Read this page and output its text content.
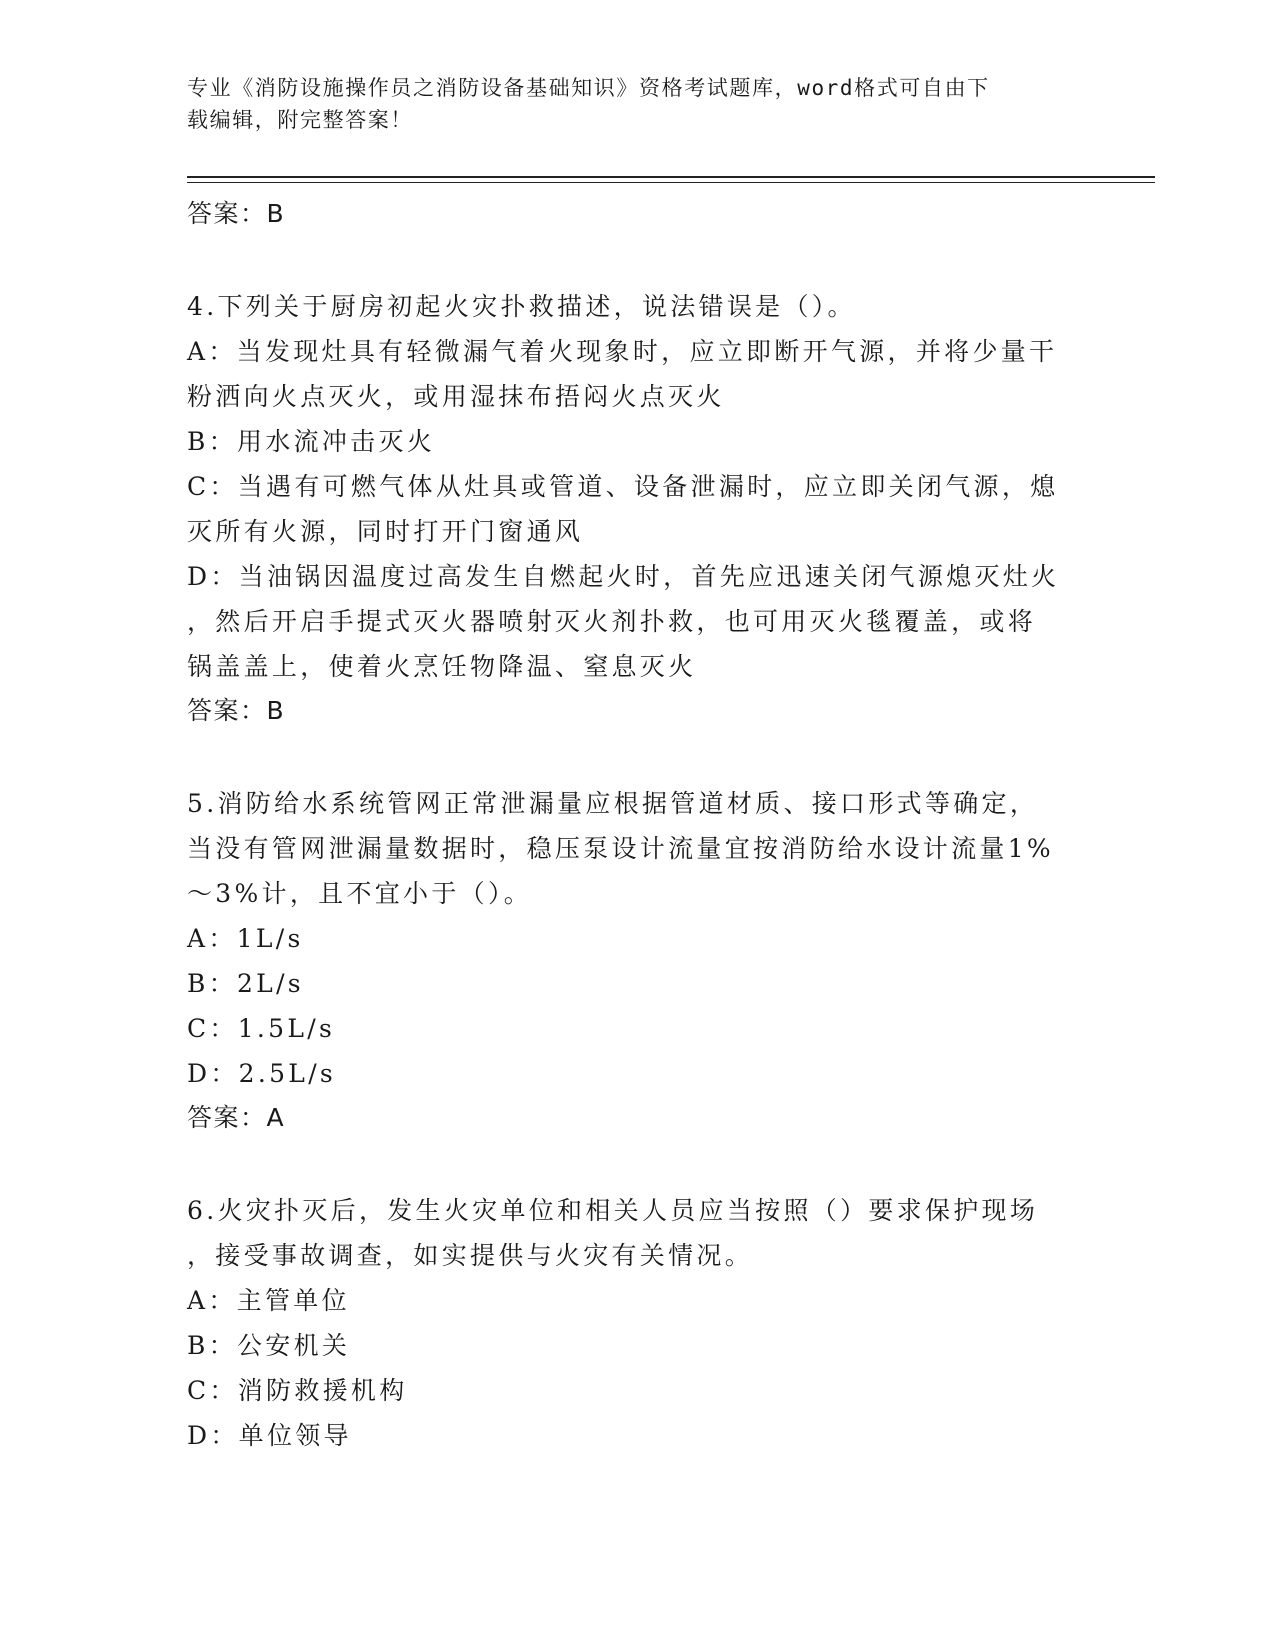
专业《消防设施操作员之消防设备基础知识》资格考试题库，word格式可自由下
载编辑，附完整答案！
答案：B
4.下列关于厨房初起火灾扑救描述，说法错误是（）。
A：当发现灶具有轻微漏气着火现象时，应立即断开气源，并将少量干
粉洒向火点灭火，或用湿抹布捂闷火点灭火
B：用水流冲击灭火
C：当遇有可燃气体从灶具或管道、设备泄漏时，应立即关闭气源，熄
灭所有火源，同时打开门窗通风
D：当油锅因温度过高发生自燃起火时，首先应迅速关闭气源熄灭灶火
，然后开启手提式灭火器喷射灭火剂扑救，也可用灭火毯覆盖，或将
锅盖盖上，使着火烹饪物降温、窒息灭火
答案：B
5.消防给水系统管网正常泄漏量应根据管道材质、接口形式等确定，
当没有管网泄漏量数据时，稳压泵设计流量宜按消防给水设计流量1%
～3%计，且不宜小于（）。
A：1L/s
B：2L/s
C：1.5L/s
D：2.5L/s
答案：A
6.火灾扑灭后，发生火灾单位和相关人员应当按照（）要求保护现场
，接受事故调查，如实提供与火灾有关情况。
A：主管单位
B：公安机关
C：消防救援机构
D：单位领导
